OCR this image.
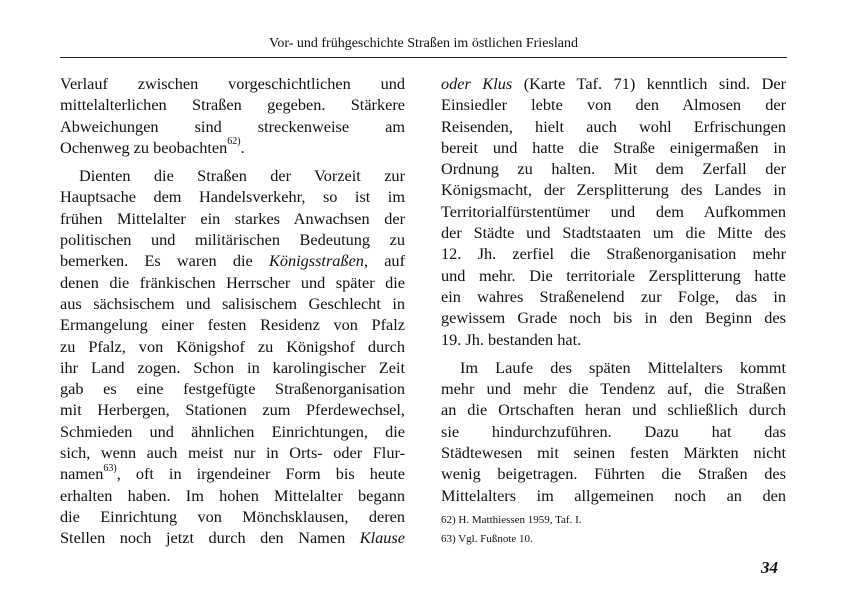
Vor- und frühgeschichte Straßen im östlichen Friesland
Verlauf zwischen vorgeschichtlichen und
mittelalterlichen Straßen gegeben. Stärkere
Abweichungen sind streckenweise am
Ochenweg zu beobachten$^{62)}$.
Dienten die Straßen der Vorzeit zur
Hauptsache dem Handelsverkehr, so ist im
frühen Mittelalter ein starkes Anwachsen der
politischen und militärischen Bedeutung zu
bemerken. Es waren die Königsstraßen, auf
denen die fränkischen Herrscher und später die
aus sächsischem und salisischem Geschlecht in
Ermangelung einer festen Residenz von Pfalz
zu Pfalz, von Königshof zu Königshof durch
ihr Land zogen. Schon in karolingischer Zeit
gab es eine festgefügte Straßenorganisation
mit Herbergen, Stationen zum Pferdewechsel,
Schmieden und ähnlichen Einrichtungen, die
sich, wenn auch meist nur in Orts- oder Flur-
namen$^{63)}$, oft in irgendeiner Form bis heute
erhalten haben. Im hohen Mittelalter begann
die Einrichtung von Mönchsklausen, deren
Stellen noch jetzt durch den Namen Klause
oder Klus (Karte Taf. 71) kenntlich sind. Der
Einsiedler lebte von den Almosen der
Reisenden, hielt auch wohl Erfrischungen
bereit und hatte die Straße einigermaßen in
Ordnung zu halten. Mit dem Zerfall der
Königsmacht, der Zersplitterung des Landes in
Territorialfürstentümer und dem Aufkommen
der Städte und Stadtstaaten um die Mitte des
12. Jh. zerfiel die Straßenorganisation mehr
und mehr. Die territoriale Zersplitterung hatte
ein wahres Straßenelend zur Folge, das in
gewissem Grade noch bis in den Beginn des
19. Jh. bestanden hat.
Im Laufe des späten Mittelalters kommt
mehr und mehr die Tendenz auf, die Straßen
an die Ortschaften heran und schließlich durch
sie hindurchzuführen. Dazu hat das
Städtewesen mit seinen festen Märkten nicht
wenig beigetragen. Führten die Straßen des
Mittelalters im allgemeinen noch an den
62) H. Matthiessen 1959, Taf. I.
63) Vgl. Fußnote 10.
34
